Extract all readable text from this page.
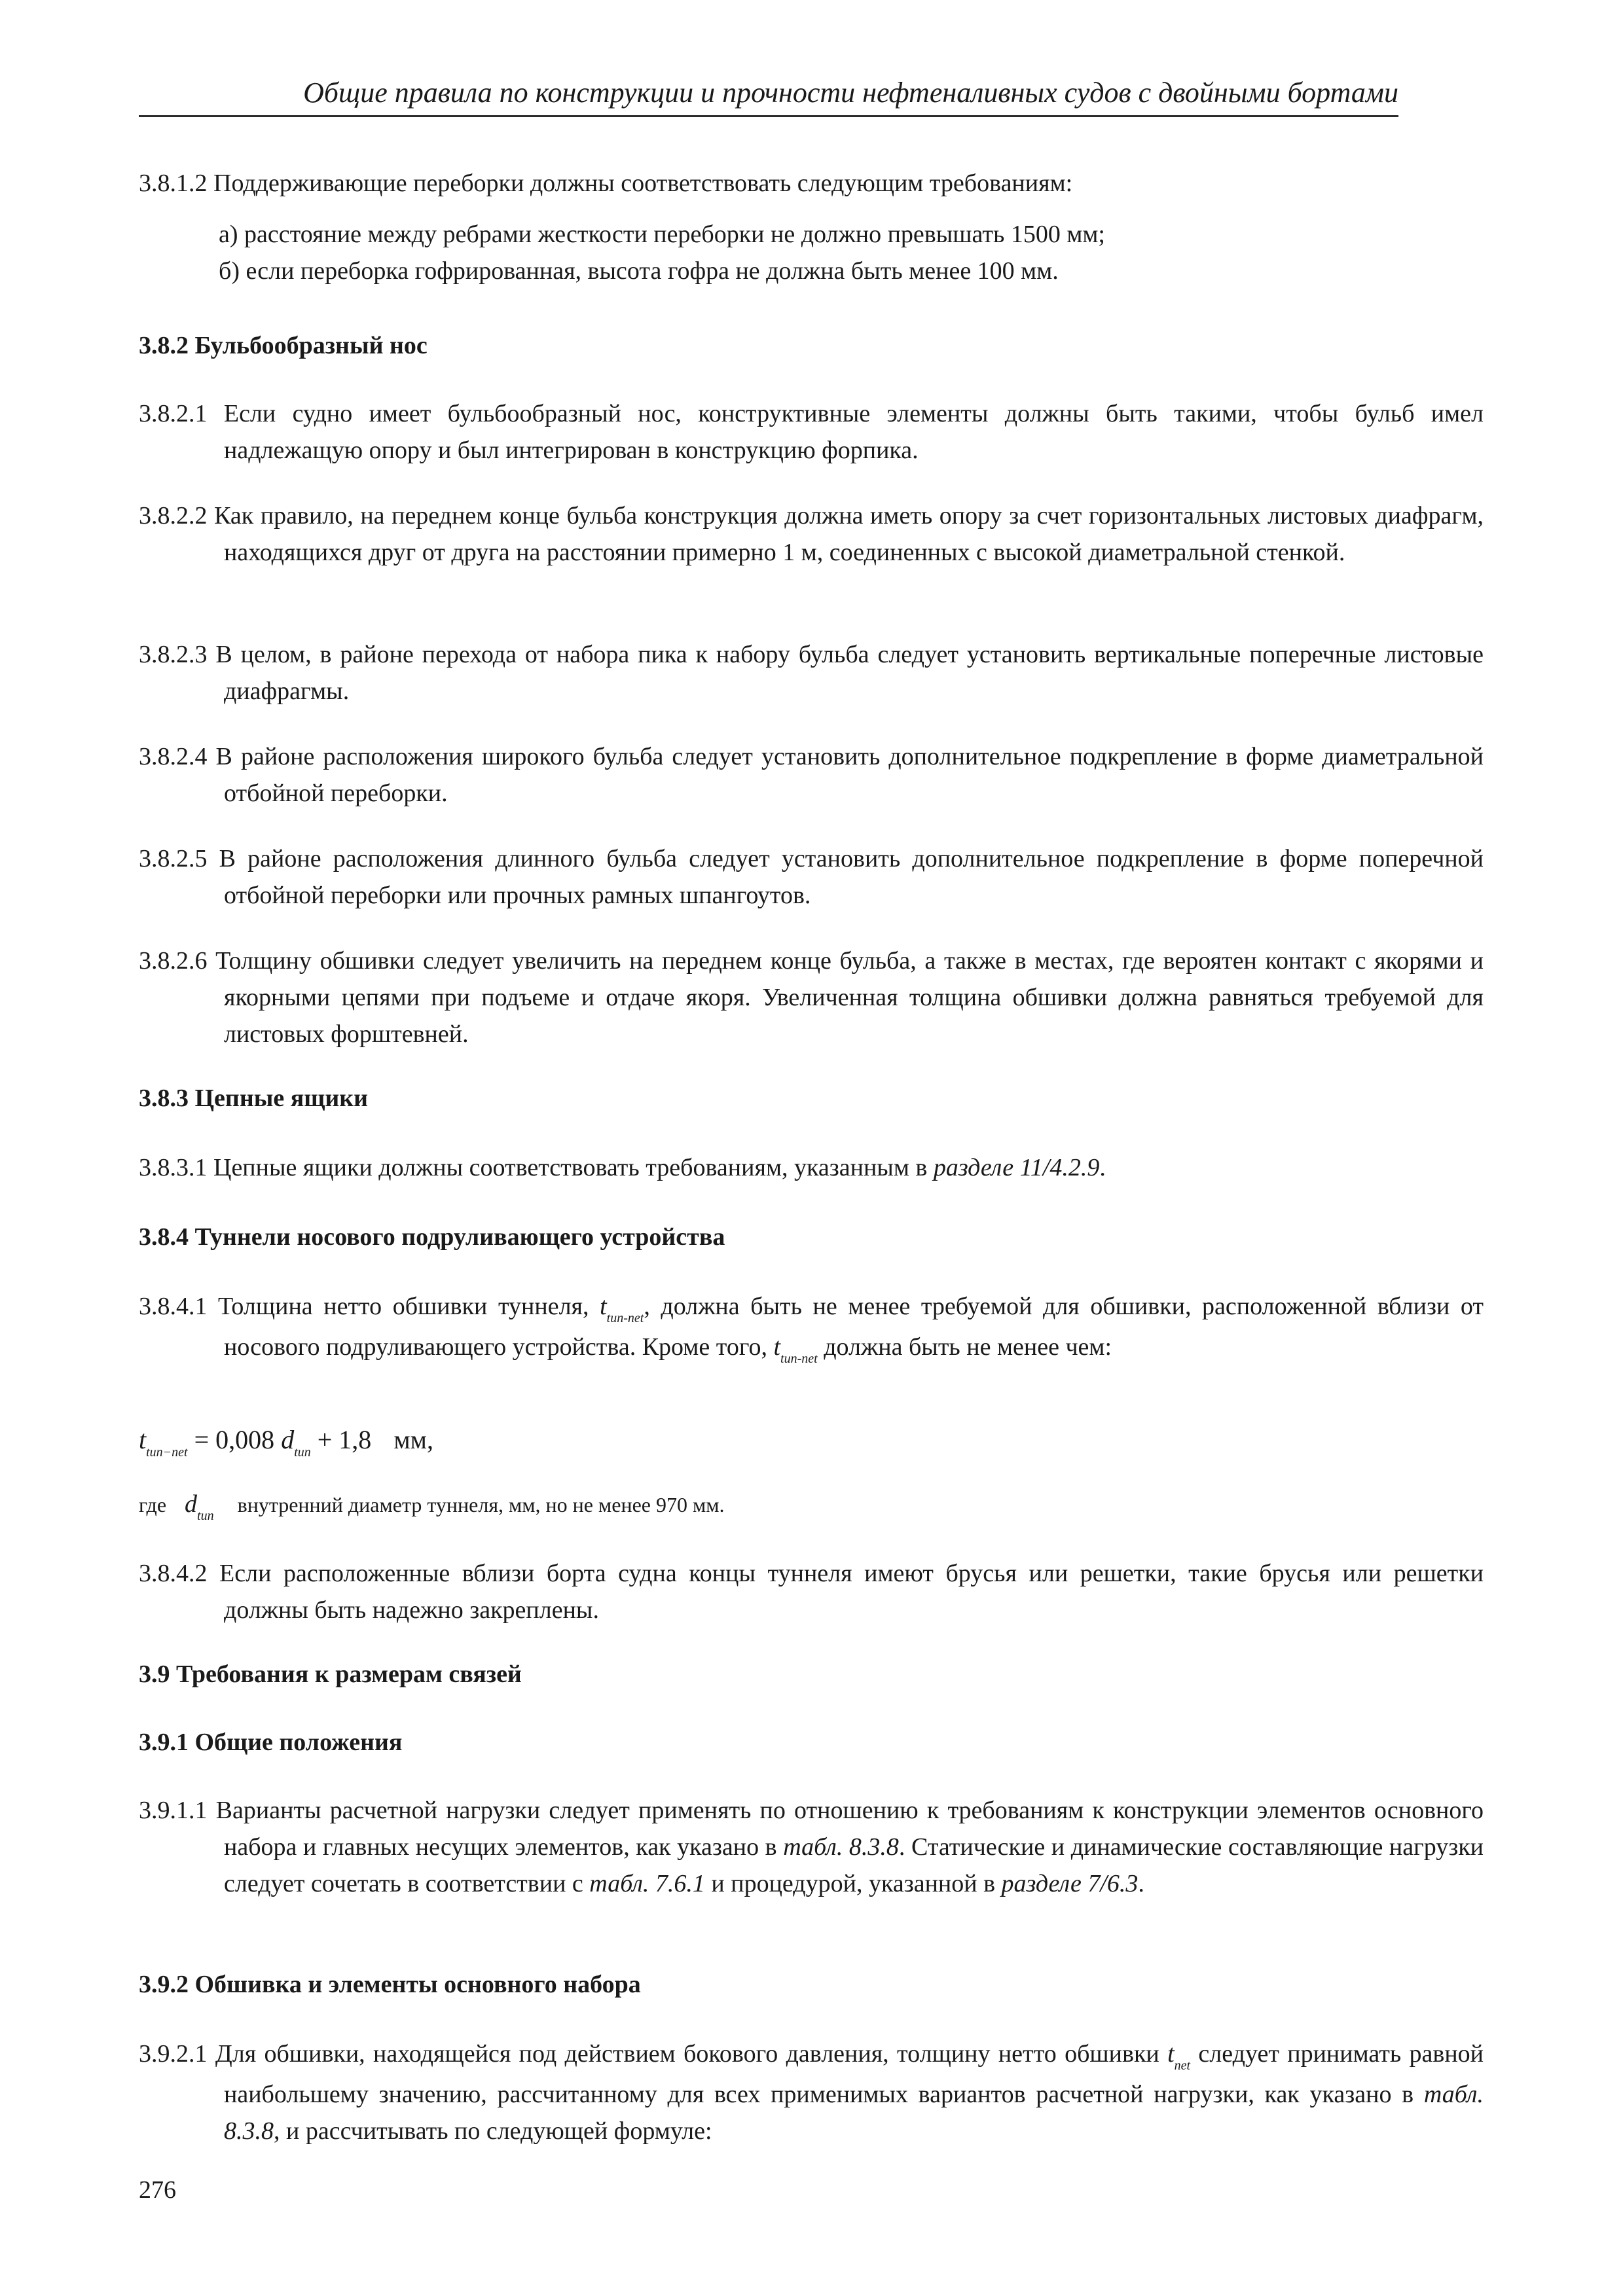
Общие правила по конструкции и прочности нефтеналивных судов с двойными бортами
3.8.1.2 Поддерживающие переборки должны соответствовать следующим требованиям:
а) расстояние между ребрами жесткости переборки не должно превышать 1500 мм;
б) если переборка гофрированная, высота гофра не должна быть менее 100 мм.
3.8.2 Бульбообразный нос
3.8.2.1 Если судно имеет бульбообразный нос, конструктивные элементы должны быть такими, чтобы бульб имел надлежащую опору и был интегрирован в конструкцию форпика.
3.8.2.2 Как правило, на переднем конце бульба конструкция должна иметь опору за счет горизонтальных листовых диафрагм, находящихся друг от друга на расстоянии примерно 1 м, соединенных с высокой диаметральной стенкой.
3.8.2.3 В целом, в районе перехода от набора пика к набору бульба следует установить вертикальные поперечные листовые диафрагмы.
3.8.2.4 В районе расположения широкого бульба следует установить дополнительное подкрепление в форме диаметральной отбойной переборки.
3.8.2.5 В районе расположения длинного бульба следует установить дополнительное подкрепление в форме поперечной отбойной переборки или прочных рамных шпангоутов.
3.8.2.6 Толщину обшивки следует увеличить на переднем конце бульба, а также в местах, где вероятен контакт с якорями и якорными цепями при подъеме и отдаче якоря. Увеличенная толщина обшивки должна равняться требуемой для листовых форштевней.
3.8.3 Цепные ящики
3.8.3.1 Цепные ящики должны соответствовать требованиям, указанным в разделе 11/4.2.9.
3.8.4 Туннели носового подруливающего устройства
3.8.4.1 Толщина нетто обшивки туннеля, $t_{tun-net}$, должна быть не менее требуемой для обшивки, расположенной вблизи от носового подруливающего устройства. Кроме того, $t_{tun-net}$ должна быть не менее чем:
$t_{tun-net} = 0,008$ $d_{tun} + 1,8$ мм,
где $d_{tun}$ внутренний диаметр туннеля, мм, но не менее 970 мм.
3.8.4.2 Если расположенные вблизи борта судна концы туннеля имеют брусья или решетки, такие брусья или решетки должны быть надежно закреплены.
3.9 Требования к размерам связей
3.9.1 Общие положения
3.9.1.1 Варианты расчетной нагрузки следует применять по отношению к требованиям к конструкции элементов основного набора и главных несущих элементов, как указано в табл. 8.3.8. Статические и динамические составляющие нагрузки следует сочетать в соответствии с табл. 7.6.1 и процедурой, указанной в разделе 7/6.3.
3.9.2 Обшивка и элементы основного набора
3.9.2.1 Для обшивки, находящейся под действием бокового давления, толщину нетто обшивки $t_{net}$ следует принимать равной наибольшему значению, рассчитанному для всех применимых вариантов расчетной нагрузки, как указано в табл. 8.3.8, и рассчитывать по следующей формуле:
276
